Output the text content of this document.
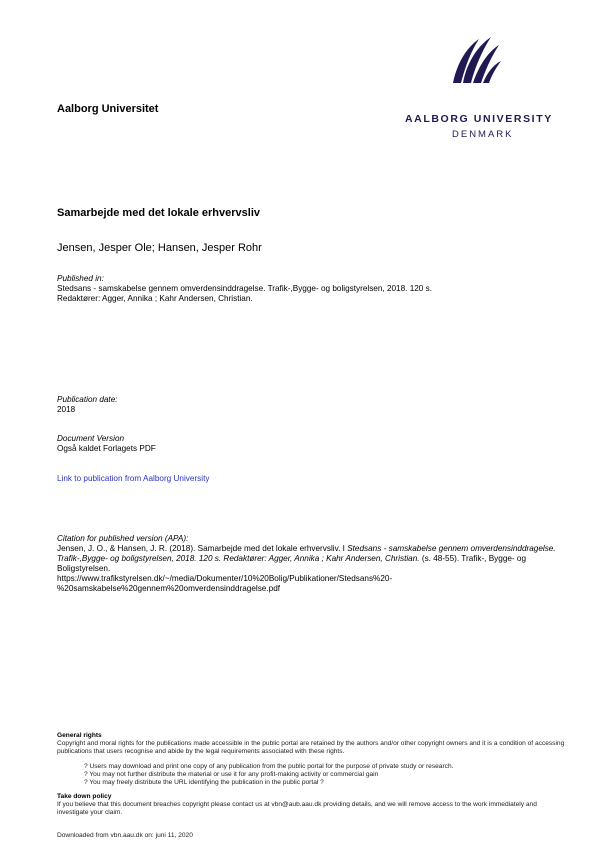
Aalborg Universitet
AALBORG UNIVERSITY
DENMARK
Samarbejde med det lokale erhvervsliv
Jensen, Jesper Ole; Hansen, Jesper Rohr
Published in:
Stedsans - samskabelse gennem omverdensinddragelse. Trafik-,Bygge- og boligstyrelsen, 2018. 120 s.
Redaktører: Agger, Annika ; Kahr Andersen, Christian.
Publication date:
2018
Document Version
Også kaldet Forlagets PDF
Link to publication from Aalborg University
Citation for published version (APA):
Jensen, J. O., & Hansen, J. R. (2018). Samarbejde med det lokale erhvervsliv. I Stedsans - samskabelse gennem omverdensinddragelse. Trafik-,Bygge- og boligstyrelsen, 2018. 120 s. Redaktører: Agger, Annika ; Kahr Andersen, Christian. (s. 48-55). Trafik-, Bygge- og Boligstyrelsen.
https://www.trafikstyrelsen.dk/~/media/Dokumenter/10%20Bolig/Publikationer/Stedsans%20-
%20samskabelse%20gennem%20omverdensinddragelse.pdf
General rights
Copyright and moral rights for the publications made accessible in the public portal are retained by the authors and/or other copyright owners and it is a condition of accessing publications that users recognise and abide by the legal requirements associated with these rights.
? Users may download and print one copy of any publication from the public portal for the purpose of private study or research.
? You may not further distribute the material or use it for any profit-making activity or commercial gain
? You may freely distribute the URL identifying the publication in the public portal ?
Take down policy
If you believe that this document breaches copyright please contact us at vbn@aub.aau.dk providing details, and we will remove access to the work immediately and investigate your claim.
Downloaded from vbn.aau.dk on: juni 11, 2020
